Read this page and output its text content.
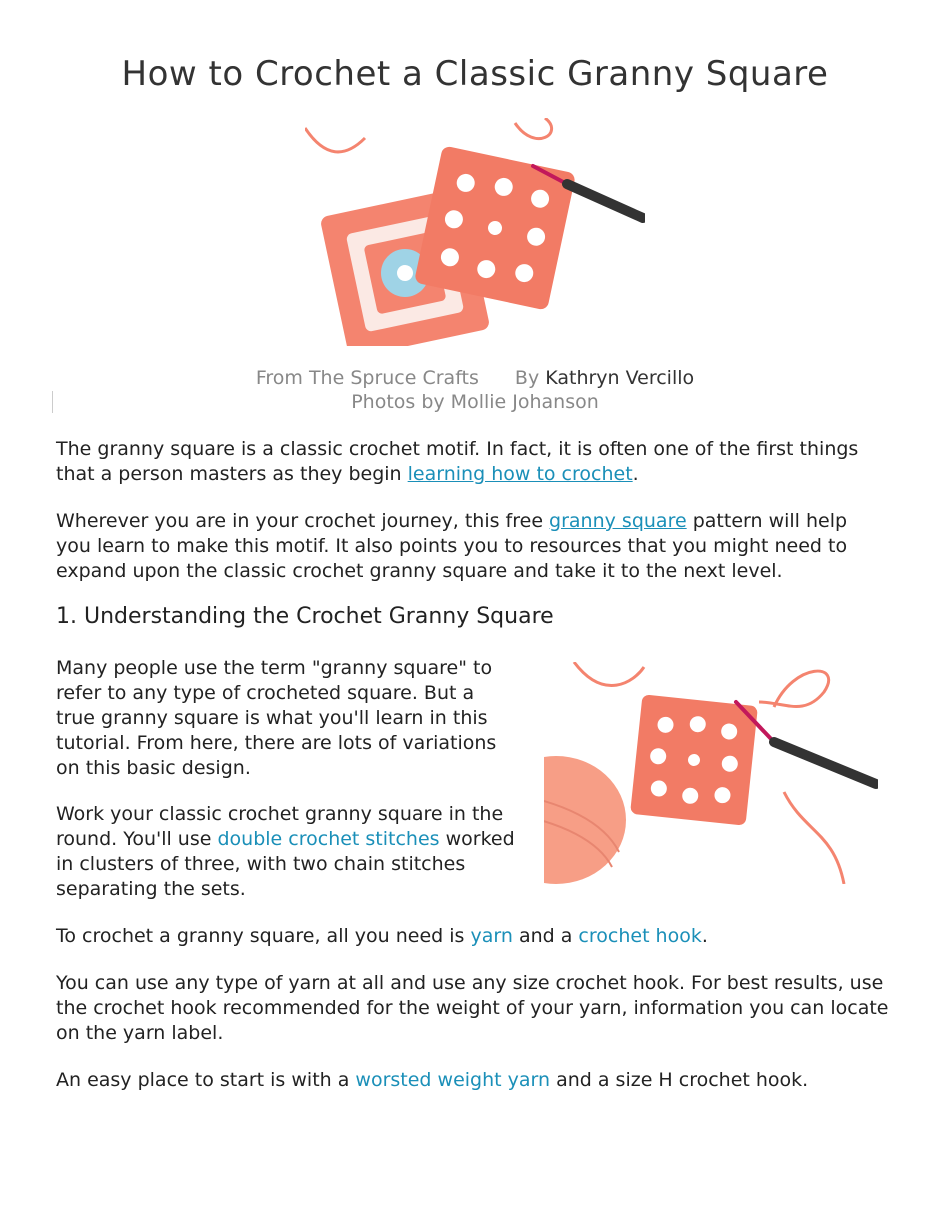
How to Crochet a Classic Granny Square
From The Spruce Crafts By Kathryn Vercillo
Photos by Mollie Johanson

The granny square is a classic crochet motif. In fact, it is often one of the first things that a person masters as they begin learning how to crochet.

Wherever you are in your crochet journey, this free granny square pattern will help you learn to make this motif. It also points you to resources that you might need to expand upon the classic crochet granny square and take it to the next level.

1. Understanding the Crochet Granny Square

Many people use the term "granny square" to refer to any type of crocheted square. But a true granny square is what you'll learn in this tutorial. From here, there are lots of variations on this basic design.

Work your classic crochet granny square in the round. You'll use double crochet stitches worked in clusters of three, with two chain stitches separating the sets.

To crochet a granny square, all you need is yarn and a crochet hook.

You can use any type of yarn at all and use any size crochet hook. For best results, use the crochet hook recommended for the weight of your yarn, information you can locate on the yarn label.

An easy place to start is with a worsted weight yarn and a size H crochet hook.
